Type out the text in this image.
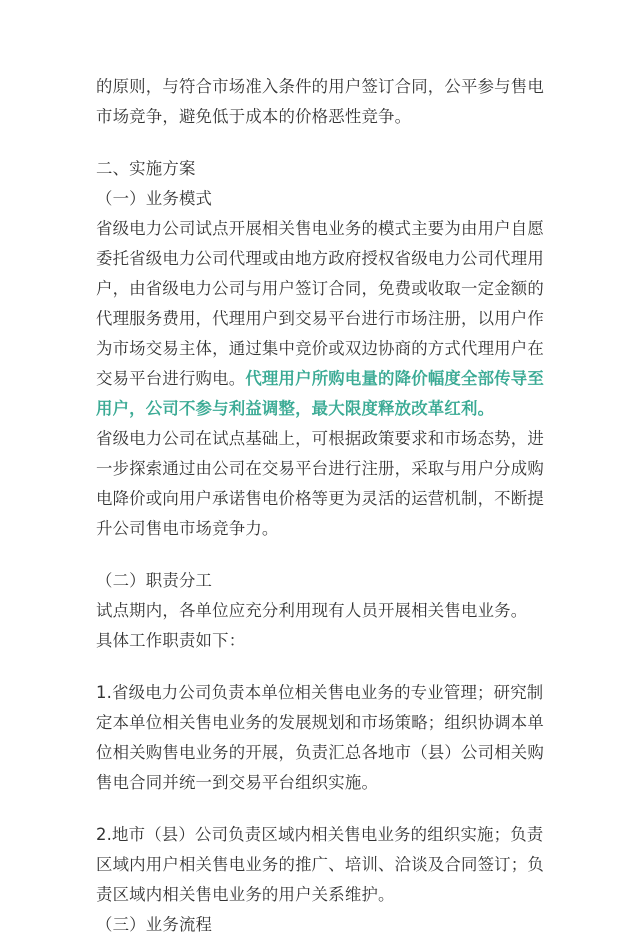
的原则，与符合市场准入条件的用户签订合同，公平参与售电市场竞争，避免低于成本的价格恶性竞争。

二、实施方案

（一）业务模式

省级电力公司试点开展相关售电业务的模式主要为由用户自愿委托省级电力公司代理或由地方政府授权省级电力公司代理用户，由省级电力公司与用户签订合同，免费或收取一定金额的代理服务费用，代理用户到交易平台进行市场注册，以用户作为市场交易主体，通过集中竞价或双边协商的方式代理用户在交易平台进行购电。代理用户所购电量的降价幅度全部传导至用户，公司不参与利益调整，最大限度释放改革红利。

省级电力公司在试点基础上，可根据政策要求和市场态势，进一步探索通过由公司在交易平台进行注册，采取与用户分成购电降价或向用户承诺售电价格等更为灵活的运营机制，不断提升公司售电市场竞争力。

（二）职责分工

试点期内，各单位应充分利用现有人员开展相关售电业务。

具体工作职责如下：

1.省级电力公司负责本单位相关售电业务的专业管理；研究制定本单位相关售电业务的发展规划和市场策略；组织协调本单位相关购售电业务的开展，负责汇总各地市（县）公司相关购售电合同并统一到交易平台组织实施。

2.地市（县）公司负责区域内相关售电业务的组织实施；负责区域内用户相关售电业务的推广、培训、洽谈及合同签订；负责区域内相关售电业务的用户关系维护。

（三）业务流程
